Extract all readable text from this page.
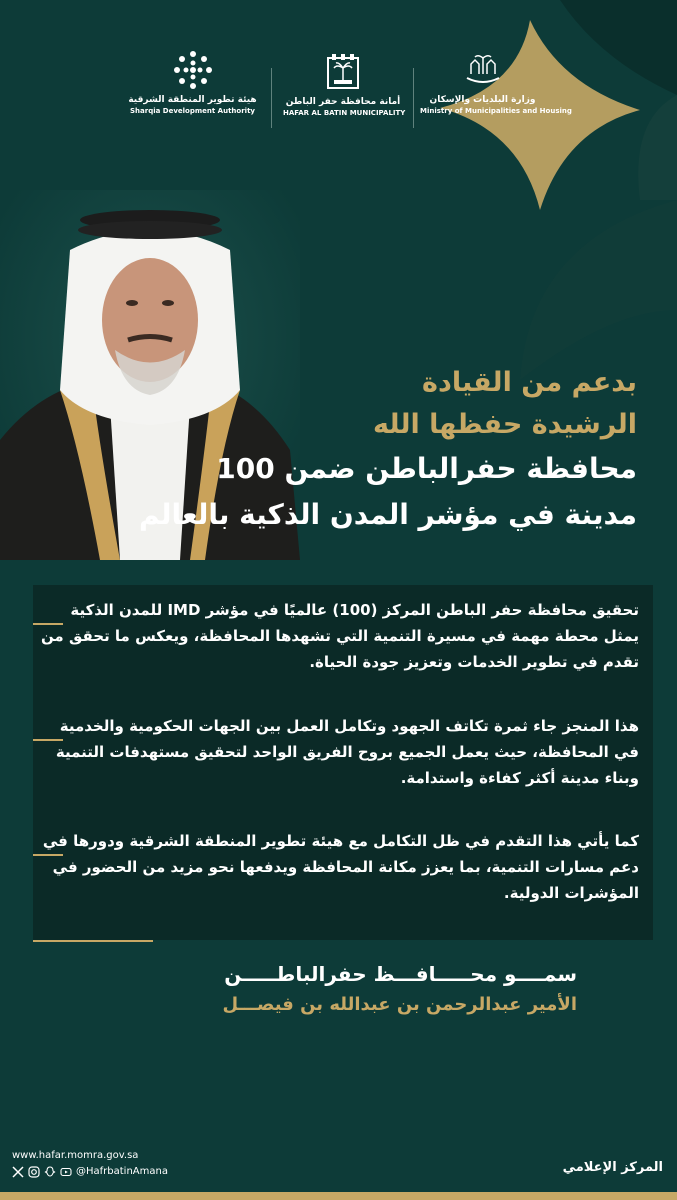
هيئة تطوير المنطقة الشرقية
Sharqia Development Authority
أمانة محافظة حفر الباطن
HAFAR AL BATIN MUNICIPALITY
وزارة البلديات والإسكان
Ministry of Municipalities and Housing
بدعم من القيادة
الرشيدة حفظها الله
محافظة حفرالباطن ضمن 100
مدينة في مؤشر المدن الذكية بالعالم
تحقيق محافظة حفر الباطن المركز (100) عالميًا في مؤشر IMD للمدن الذكية يمثل محطة مهمة في مسيرة التنمية التي تشهدها المحافظة، ويعكس ما تحقق من تقدم في تطوير الخدمات وتعزيز جودة الحياة.
هذا المنجز جاء ثمرة تكاتف الجهود وتكامل العمل بين الجهات الحكومية والخدمية في المحافظة، حيث يعمل الجميع بروح الفريق الواحد لتحقيق مستهدفات التنمية وبناء مدينة أكثر كفاءة واستدامة.
كما يأتي هذا التقدم في ظل التكامل مع هيئة تطوير المنطقة الشرقية ودورها في دعم مسارات التنمية، بما يعزز مكانة المحافظة ويدفعها نحو مزيد من الحضور في المؤشرات الدولية.
سمــــو محـــــافـــظ حفرالباطـــــن
الأمير عبدالرحمن بن عبدالله بن فيصـــل
www.hafar.momra.gov.sa
@HafrbatinAmana	المركز الإعلامي
